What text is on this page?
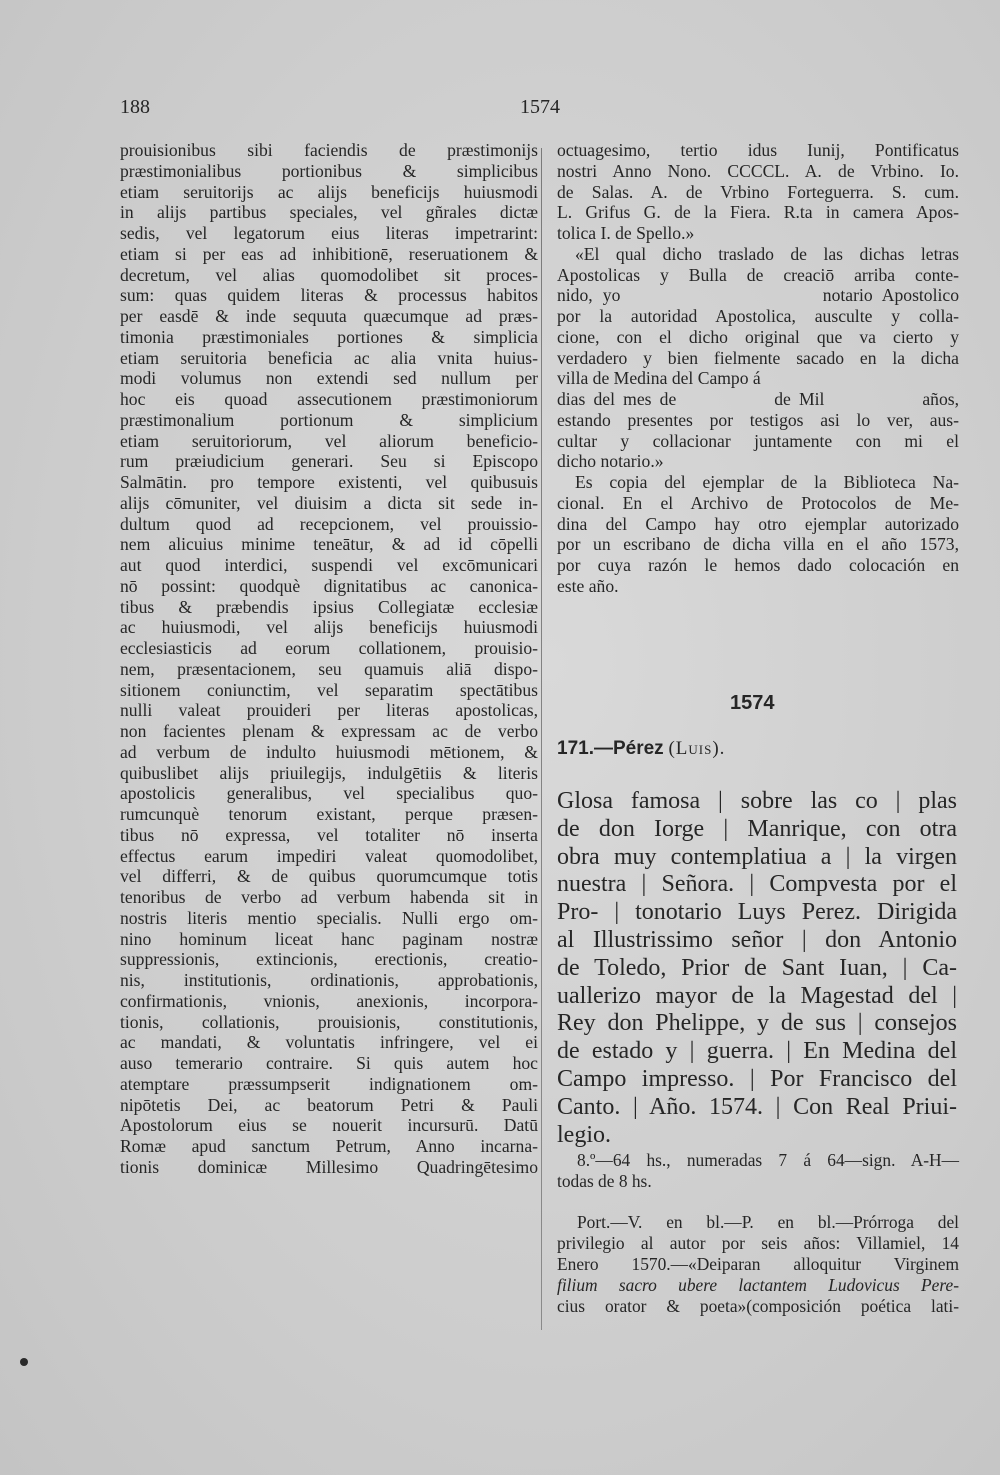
188	1574

prouisionibus sibi faciendis de præstimonijs
præstimonialibus portionibus & simplicibus
etiam seruitorijs ac alijs beneficijs huiusmodi
in alijs partibus speciales, vel gñrales dictæ
sedis, vel legatorum eius literas impetrarint:
etiam si per eas ad inhibitionē, reseruationem &
decretum, vel alias quomodolibet sit proces-
sum: quas quidem literas & processus habitos
per easdē & inde sequuta quæcumque ad præs-
timonia præstimoniales portiones & simplicia
etiam seruitoria beneficia ac alia vnita huius-
modi volumus non extendi sed nullum per
hoc eis quoad assecutionem præstimoniorum
præstimonalium portionum & simplicium
etiam seruitoriorum, vel aliorum beneficio-
rum præiudicium generari. Seu si Episcopo
Salmātin. pro tempore existenti, vel quibusuis
alijs cōmuniter, vel diuisim a dicta sit sede in-
dultum quod ad recepcionem, vel prouissio-
nem alicuius minime teneātur, & ad id cōpelli
aut quod interdici, suspendi vel excōmunicari
nō possint: quodquè dignitatibus ac canonica-
tibus & præbendis ipsius Collegiatæ ecclesiæ
ac huiusmodi, vel alijs beneficijs huiusmodi
ecclesiasticis ad eorum collationem, prouisio-
nem, præsentacionem, seu quamuis aliā dispo-
sitionem coniunctim, vel separatim spectātibus
nulli valeat prouideri per literas apostolicas,
non facientes plenam & expressam ac de verbo
ad verbum de indulto huiusmodi mētionem, &
quibuslibet alijs priuilegijs, indulgētiis & literis
apostolicis generalibus, vel specialibus quo-
rumcunquè tenorum existant, perque præsen-
tibus nō expressa, vel totaliter nō inserta
effectus earum impediri valeat quomodolibet,
vel differri, & de quibus quorumcumque totis
tenoribus de verbo ad verbum habenda sit in
nostris literis mentio specialis. Nulli ergo om-
nino hominum liceat hanc paginam nostræ
suppressionis, extincionis, erectionis, creatio-
nis, institutionis, ordinationis, approbationis,
confirmationis, vnionis, anexionis, incorpora-
tionis, collationis, prouisionis, constitutionis,
ac mandati, & voluntatis infringere, vel ei
auso temerario contraire. Si quis autem hoc
atemptare præssumpserit indignationem om-
nipōtetis Dei, ac beatorum Petri & Pauli
Apostolorum eius se nouerit incursurū. Datū
Romæ apud sanctum Petrum, Anno incarna-
tionis dominicæ Millesimo Quadringētesimo

octuagesimo, tertio idus Iunij, Pontificatus
nostri Anno Nono. CCCCL. A. de Vrbino. Io.
de Salas. A. de Vrbino Forteguerra. S. cum.
L. Grifus G. de la Fiera. R.ta in camera Apos-
tolica I. de Spello.»
«El qual dicho traslado de las dichas letras
Apostolicas y Bulla de creaciō arriba conte-
nido, yo                    notario Apostolico
por la autoridad Apostolica, ausculte y colla-
cione, con el dicho original que va cierto y
verdadero y bien fielmente sacado en la dicha
villa de Medina del Campo á
dias del mes de            de Mil            años,
estando presentes por testigos asi lo ver, aus-
cultar y collacionar juntamente con mi el
dicho notario.»
Es copia del ejemplar de la Biblioteca Na-
cional. En el Archivo de Protocolos de Me-
dina del Campo hay otro ejemplar autorizado
por un escribano de dicha villa en el año 1573,
por cuya razón le hemos dado colocación en
este año.

1574
171.—Pérez (Luis).
Glosa famosa | sobre las co | plas
de don Iorge | Manrique, con otra
obra muy contemplatiua a | la virgen
nuestra | Señora. | Compvesta por el
Pro- | tonotario Luys Perez. Dirigida
al Illustrissimo señor | don Antonio
de Toledo, Prior de Sant Iuan, | Ca-
uallerizo mayor de la Magestad del |
Rey don Phelippe, y de sus | consejos
de estado y | guerra. | En Medina del
Campo impresso. | Por Francisco del
Canto. | Año. 1574. | Con Real Priui-
legio.
8.º—64 hs., numeradas 7 á 64—sign. A-H—
todas de 8 hs.
Port.—V. en bl.—P. en bl.—Prórroga del
privilegio al autor por seis años: Villamiel, 14
Enero 1570.—«Deiparan alloquitur Virginem
filium sacro ubere lactantem Ludovicus Pere-
cius orator & poeta»(composición poética lati-
